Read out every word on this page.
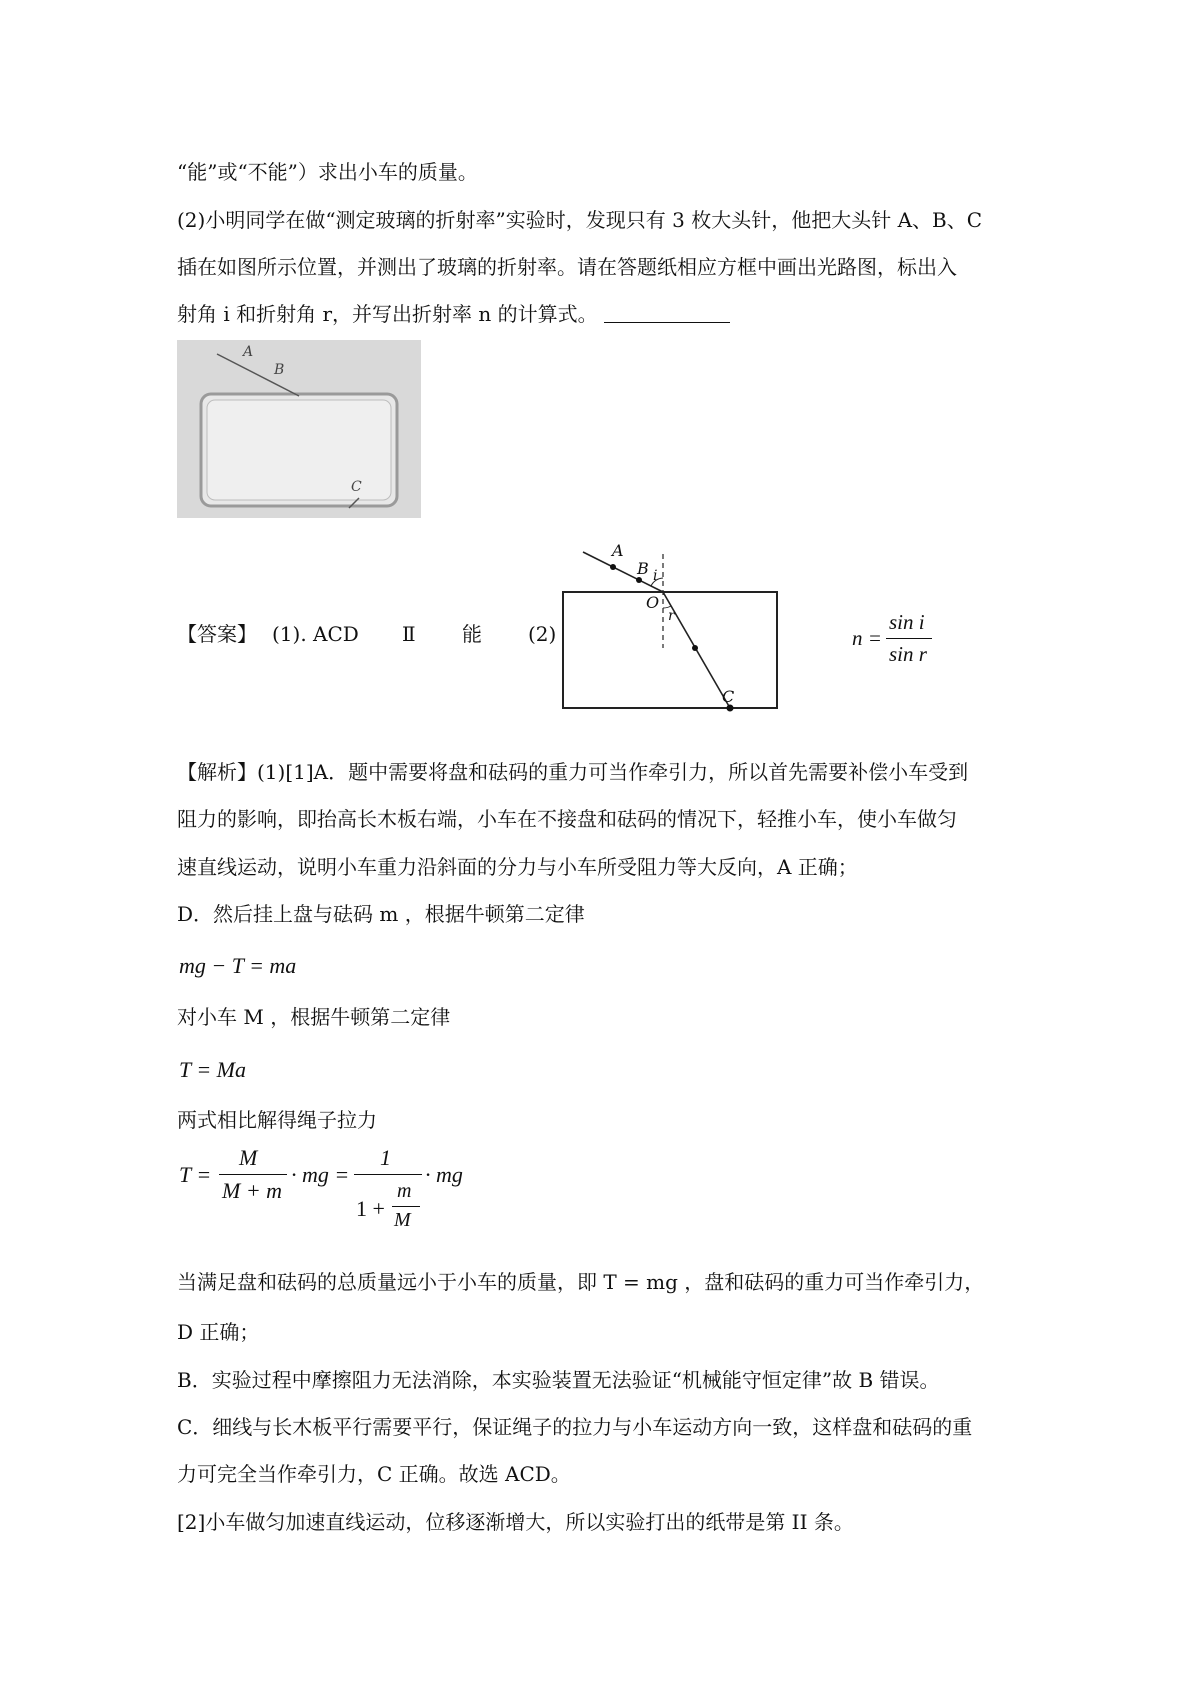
“能”或“不能”）求出小车的质量。
(2)小明同学在做“测定玻璃的折射率”实验时，发现只有 3 枚大头针，他把大头针 A、B、C
插在如图所示位置，并测出了玻璃的折射率。请在答题纸相应方框中画出光路图，标出入
射角 i 和折射角 r，并写出折射率 n 的计算式。
A
B
C
【答案】 (1). ACD Ⅱ 能 (2)
A
B i
O
r
C
n =
sin i
sin r
【解析】(1)[1]A．题中需要将盘和砝码的重力可当作牵引力，所以首先需要补偿小车受到
阻力的影响，即抬高长木板右端，小车在不接盘和砝码的情况下，轻推小车，使小车做匀
速直线运动，说明小车重力沿斜面的分力与小车所受阻力等大反向，A 正确；
D．然后挂上盘与砝码 m ，根据牛顿第二定律
mg − T = ma
对小车 M ，根据牛顿第二定律
T = Ma
两式相比解得绳子拉力
T =
M
M + m
· mg =
1
1 +
m
M
· mg
当满足盘和砝码的总质量远小于小车的质量，即 T = mg ，盘和砝码的重力可当作牵引力，
D 正确；
B．实验过程中摩擦阻力无法消除，本实验装置无法验证“机械能守恒定律”故 B 错误。
C．细线与长木板平行需要平行，保证绳子的拉力与小车运动方向一致，这样盘和砝码的重
力可完全当作牵引力，C 正确。故选 ACD。
[2]小车做匀加速直线运动，位移逐渐增大，所以实验打出的纸带是第 II 条。
